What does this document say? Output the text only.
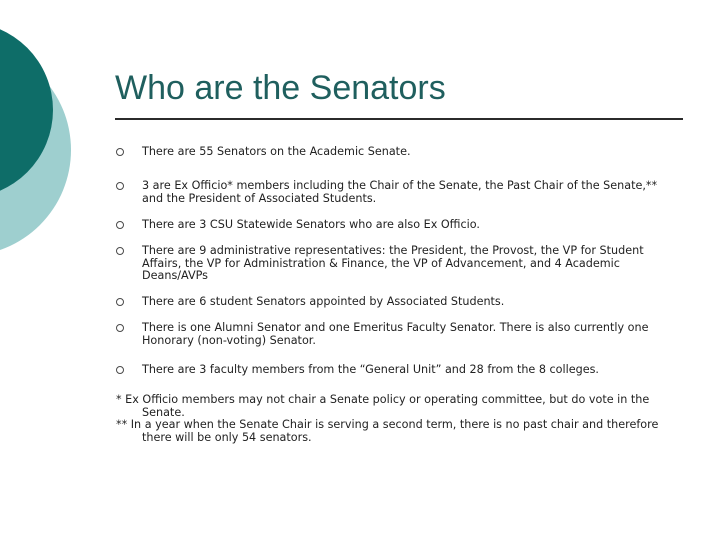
Who are the Senators
There are 55 Senators on the Academic Senate.
3 are Ex Officio* members including the Chair of the Senate, the Past Chair of the Senate,** and the President of Associated Students.
There are 3 CSU Statewide Senators who are also Ex Officio.
There are 9 administrative representatives: the President, the Provost, the VP for Student Affairs, the VP for Administration & Finance, the VP of Advancement, and 4 Academic Deans/AVPs
There are 6 student Senators appointed by Associated Students.
There is one Alumni Senator and one Emeritus Faculty Senator. There is also currently one Honorary (non-voting) Senator.
There are 3 faculty members from the “General Unit” and 28 from the 8 colleges.

* Ex Officio members may not chair a Senate policy or operating committee, but do vote in the Senate.

** In a year when the Senate Chair is serving a second term, there is no past chair and therefore there will be only 54 senators.
